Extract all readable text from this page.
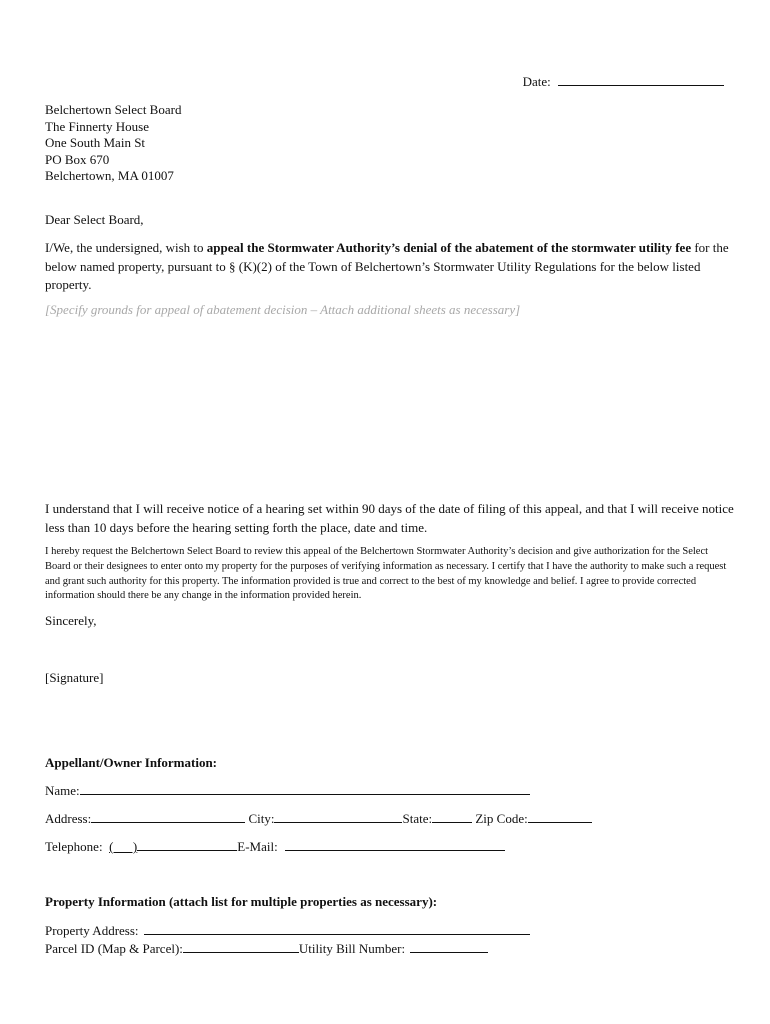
Date:
Belchertown Select Board
The Finnerty House
One South Main St
PO Box 670
Belchertown, MA 01007
Dear Select Board,
I/We, the undersigned, wish to appeal the Stormwater Authority’s denial of the abatement of the stormwater utility fee for the below named property, pursuant to § (K)(2) of the Town of Belchertown’s Stormwater Utility Regulations for the below listed property.
[Specify grounds for appeal of abatement decision – Attach additional sheets as necessary]
I understand that I will receive notice of a hearing set within 90 days of the date of filing of this appeal, and that I will receive notice less than 10 days before the hearing setting forth the place, date and time.
I hereby request the Belchertown Select Board to review this appeal of the Belchertown Stormwater Authority’s decision and give authorization for the Select Board or their designees to enter onto my property for the purposes of verifying information as necessary. I certify that I have the authority to make such a request and grant such authority for this property. The information provided is true and correct to the best of my knowledge and belief. I agree to provide corrected information should there be any change in the information provided herein.
Sincerely,
[Signature]
Appellant/Owner Information:
Name:
Address:	City:	State:	Zip Code:
Telephone: (      )	E-Mail:
Property Information (attach list for multiple properties as necessary):
Property Address:
Parcel ID (Map & Parcel):	Utility Bill Number:
